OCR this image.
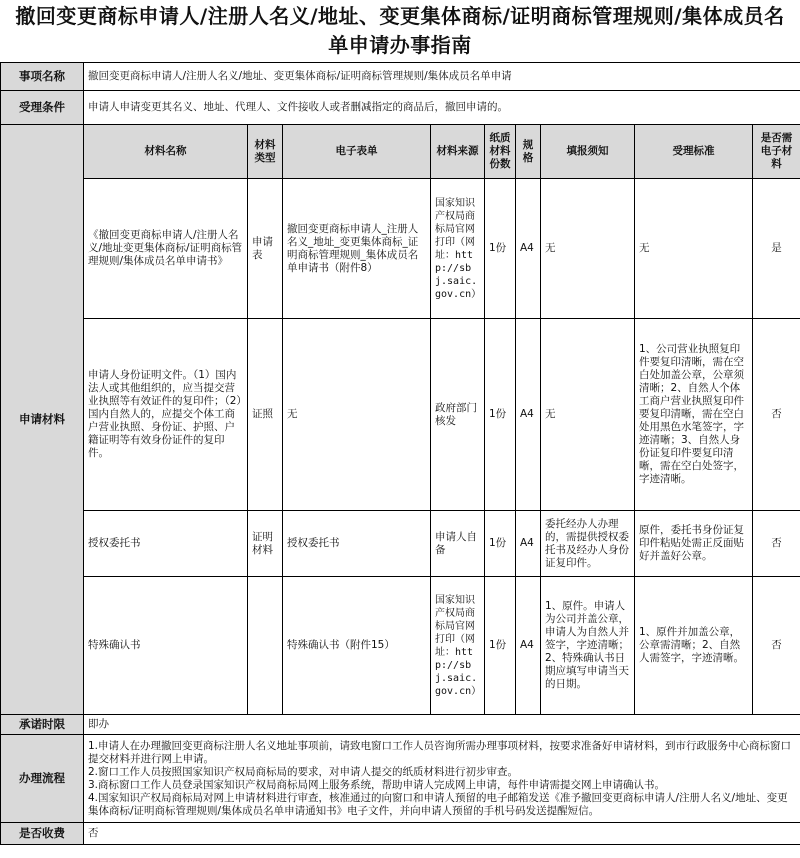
撤回变更商标申请人/注册人名义/地址、变更集体商标/证明商标管理规则/集体成员名单申请办事指南
事项名称	撤回变更商标申请人/注册人名义/地址、变更集体商标/证明商标管理规则/集体成员名单申请								
受理条件	申请人申请变更其名义、地址、代理人、文件接收人或者删减指定的商品后，撤回申请的。								
申请材料	材料名称	材料类型	电子表单	材料来源	纸质材料份数	规格	填报须知	受理标准	是否需电子材料
	《撤回变更商标申请人/注册人名义/地址变更集体商标/证明商标管理规则/集体成员名单申请书》	申请表	撤回变更商标申请人_注册人名义_地址_变更集体商标_证明商标管理规则_集体成员名单申请书（附件8）	国家知识产权局商标局官网打印（网址：http://sbj.saic.gov.cn）	1份	A4	无	无	是
	申请人身份证明文件。（1）国内法人或其他组织的，应当提交营业执照等有效证件的复印件；（2）国内自然人的，应提交个体工商户营业执照、身份证、护照、户籍证明等有效身份证件的复印件。	证照	无	政府部门核发	1份	A4	无	1、公司营业执照复印件要复印清晰，需在空白处加盖公章，公章须清晰；2、自然人个体工商户营业执照复印件要复印清晰，需在空白处用黑色水笔签字，字迹清晰；3、自然人身份证复印件要复印清晰，需在空白处签字，字迹清晰。	否
	授权委托书	证明材料	授权委托书	申请人自备	1份	A4	委托经办人办理的，需提供授权委托书及经办人身份证复印件。	原件，委托书身份证复印件粘贴处需正反面贴好并盖好公章。	否
	特殊确认书		特殊确认书（附件15）	国家知识产权局商标局官网打印（网址：http://sbj.saic.gov.cn）	1份	A4	1、原件。申请人为公司并盖公章，申请人为自然人并签字，字迹清晰；2、特殊确认书日期应填写申请当天的日期。	1、原件并加盖公章，公章需清晰；2、自然人需签字，字迹清晰。	否
承诺时限	即办								
办理流程	1.申请人在办理撤回变更商标注册人名义地址事项前，请致电窗口工作人员咨询所需办理事项材料，按要求准备好申请材料，到市行政服务中心商标窗口提交材料并进行网上申请。
2.窗口工作人员按照国家知识产权局商标局的要求，对申请人提交的纸质材料进行初步审查。
3.商标窗口工作人员登录国家知识产权局商标局网上服务系统，帮助申请人完成网上申请，每件申请需提交网上申请确认书。
4.国家知识产权局商标局对网上申请材料进行审查，核准通过的向窗口和申请人预留的电子邮箱发送《准予撤回变更商标申请人/注册人名义/地址、变更集体商标/证明商标管理规则/集体成员名单申请通知书》电子文件，并向申请人预留的手机号码发送提醒短信。								

是否收费	否								
